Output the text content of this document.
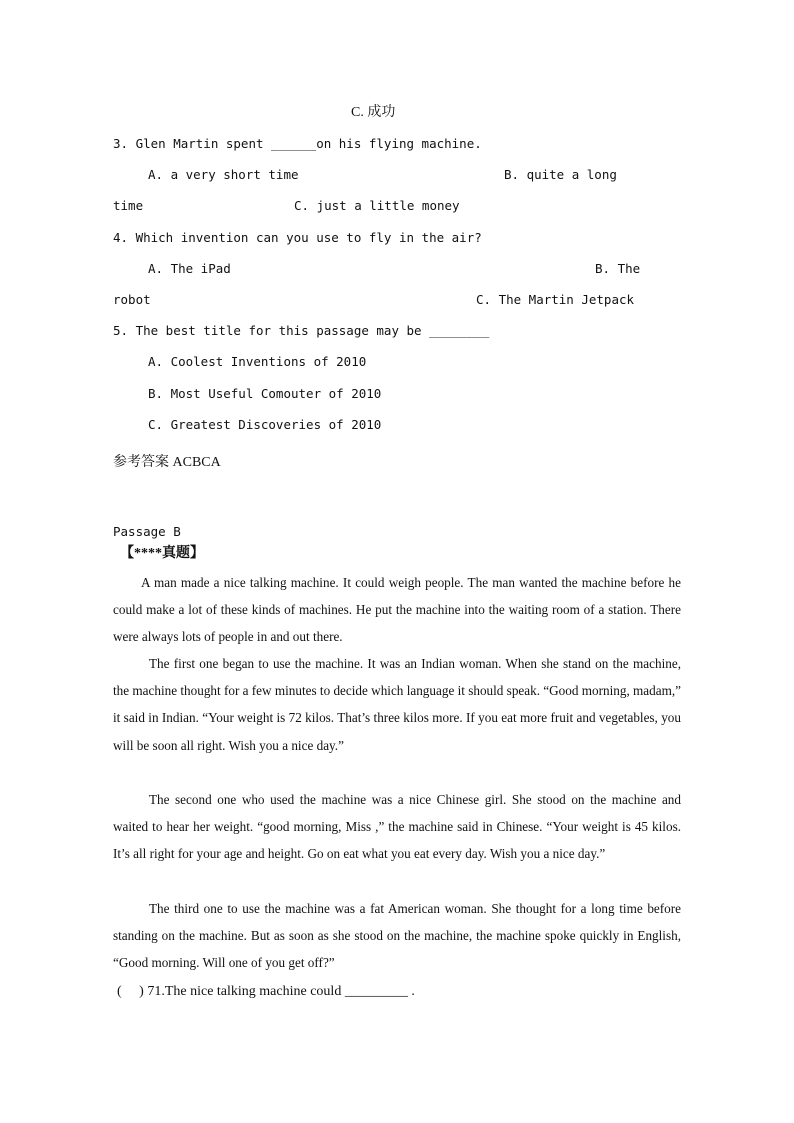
C. 成功
3. Glen Martin spent ______on his flying machine.
A. a very short time	B. quite a long
time	C. just a little money
4. Which invention can you use to fly in the air?
A. The iPad	B. The
robot	C. The Martin Jetpack
5. The best title for this passage may be ________
A. Coolest Inventions of 2010
B. Most Useful Comouter of 2010
C. Greatest Discoveries of 2010
参考答案 ACBCA
Passage B
【****真题】
A man made a nice talking machine. It could weigh people. The man wanted the machine before he could make a lot of these kinds of machines. He put the machine into the waiting room of a station. There were always lots of people in and out there.
The first one began to use the machine. It was an Indian woman. When she stand on the machine, the machine thought for a few minutes to decide which language it should speak. “Good morning, madam,” it said in Indian. “Your weight is 72 kilos. That’s three kilos more. If you eat more fruit and vegetables, you will be soon all right. Wish you a nice day.”
The second one who used the machine was a nice Chinese girl. She stood on the machine and waited to hear her weight. “good morning, Miss ,” the machine said in Chinese. “Your weight is 45 kilos. It’s all right for your age and height. Go on eat what you eat every day. Wish you a nice day.”
The third one to use the machine was a fat American woman. She thought for a long time before standing on the machine. But as soon as she stood on the machine, the machine spoke quickly in English, “Good morning. Will one of you get off?”
(     ) 71.The nice talking machine could _________ .
